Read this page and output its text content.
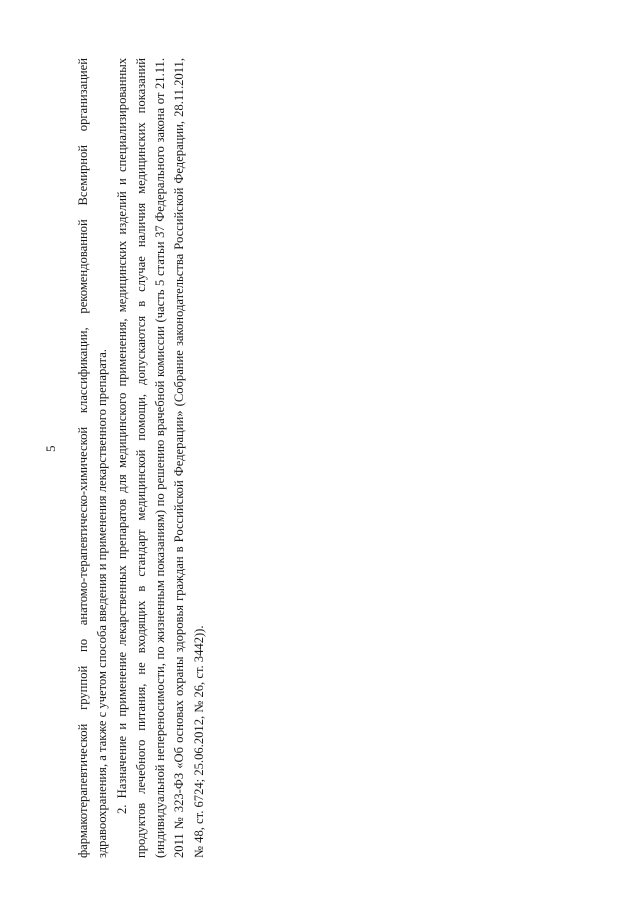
5	фармакотерапевтической группой по анатомо-терапевтическо-химической классификации, рекомендованной Всемирной организацией здравоохранения, а также с учетом способа введения и применения лекарственного препарата. 2. Назначение и применение лекарственных препаратов для медицинского применения, медицинских изделий и специализированных продуктов лечебного питания, не входящих в стандарт медицинской помощи, допускаются в случае наличия медицинских показаний (индивидуальной непереносимости, по жизненным показаниям) по решению врачебной комиссии (часть 5 статьи 37 Федерального закона от 21.11. 2011 № 323-ФЗ «Об основах охраны здоровья граждан в Российской Федерации» (Собрание законодательства Российской Федерации, 28.11.2011, № 48, ст. 6724; 25.06.2012, № 26, ст. 3442)).
